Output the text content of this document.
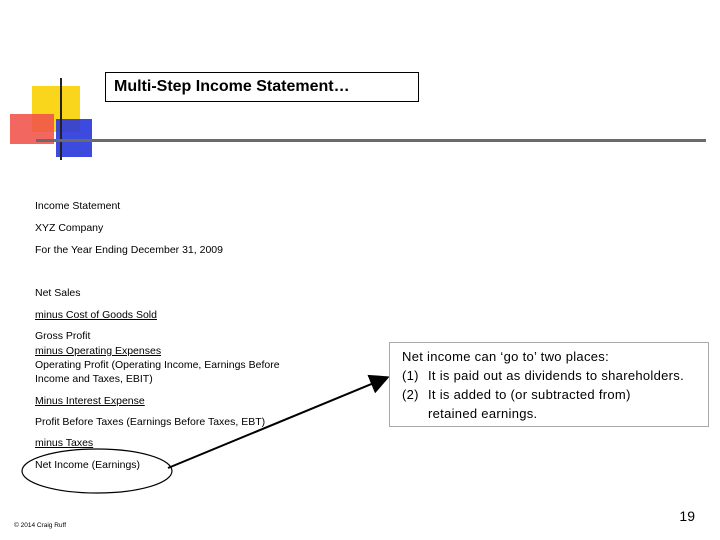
Multi-Step Income Statement…
Income Statement
XYZ Company
For the Year Ending December 31, 2009
Net Sales
minus Cost of Goods Sold
Gross Profit
minus Operating Expenses
Operating Profit (Operating Income, Earnings Before
Income and Taxes, EBIT)
Minus Interest Expense
Profit Before Taxes (Earnings Before Taxes, EBT)
minus Taxes
Net Income (Earnings)
Net income can ‘go to’ two places:
(1) It is paid out as dividends to shareholders.
(2) It is added to (or subtracted from)
retained earnings.
19
© 2014 Craig Ruff
